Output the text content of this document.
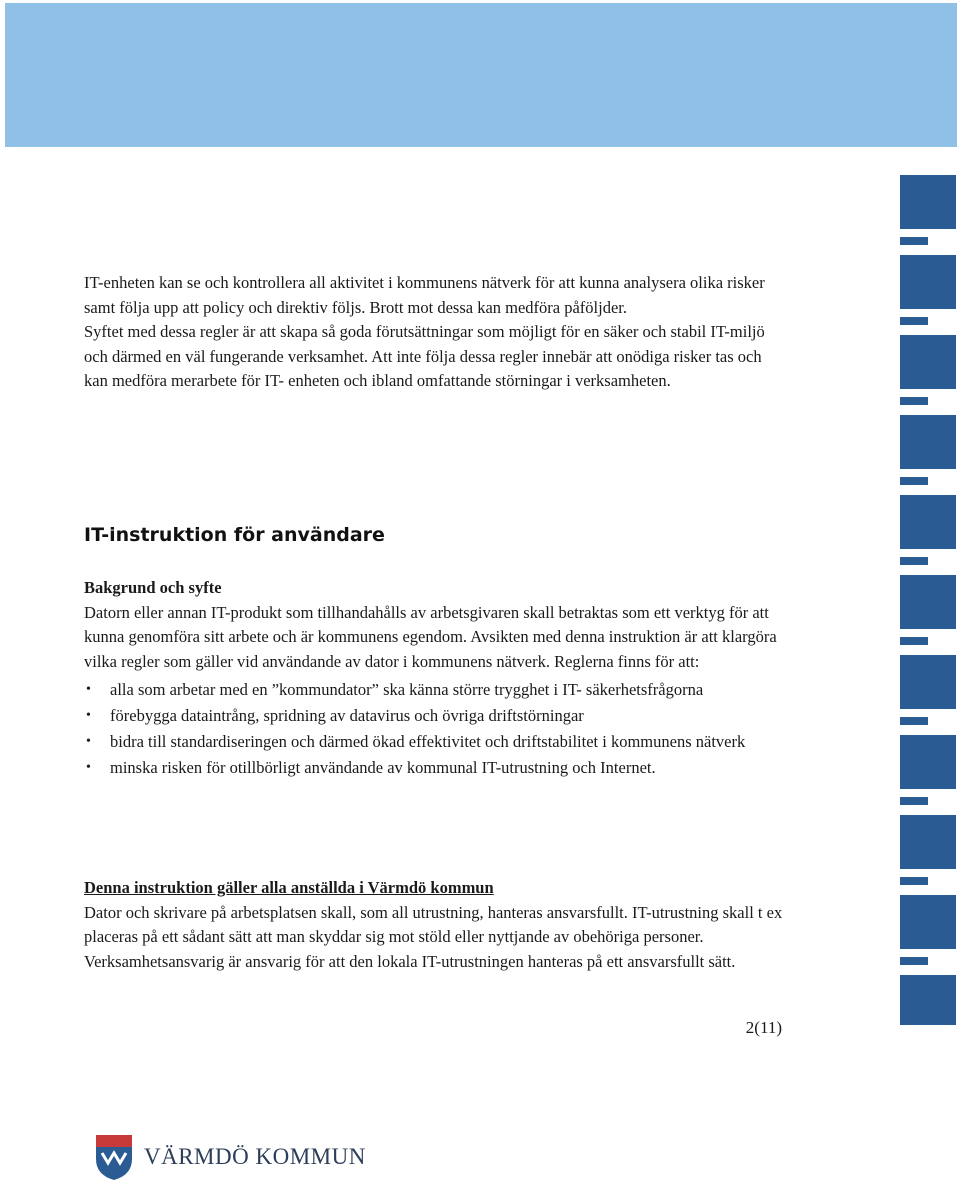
IT-enheten kan se och kontrollera all aktivitet i kommunens nätverk för att kunna analysera olika risker samt följa upp att policy och direktiv följs. Brott mot dessa kan medföra påföljder.

Syftet med dessa regler är att skapa så goda förutsättningar som möjligt för en säker och stabil IT-miljö och därmed en väl fungerande verksamhet. Att inte följa dessa regler innebär att onödiga risker tas och kan medföra merarbete för IT- enheten och ibland omfattande störningar i verksamheten.

IT-instruktion för användare

Bakgrund och syfte

Datorn eller annan IT-produkt som tillhandahålls av arbetsgivaren skall betraktas som ett verktyg för att kunna genomföra sitt arbete och är kommunens egendom. Avsikten med denna instruktion är att klargöra vilka regler som gäller vid användande av dator i kommunens nätverk. Reglerna finns för att:

• alla som arbetar med en ”kommundator” ska känna större trygghet i IT- säkerhetsfrågorna
• förebygga dataintrång, spridning av datavirus och övriga driftstörningar
• bidra till standardiseringen och därmed ökad effektivitet och driftstabilitet i kommunens nätverk
• minska risken för otillbörligt användande av kommunal IT-utrustning och Internet.

Denna instruktion gäller alla anställda i Värmdö kommun

Dator och skrivare på arbetsplatsen skall, som all utrustning, hanteras ansvarsfullt. IT-utrustning skall t ex placeras på ett sådant sätt att man skyddar sig mot stöld eller nyttjande av obehöriga personer. Verksamhetsansvarig är ansvarig för att den lokala IT-utrustningen hanteras på ett ansvarsfullt sätt.

2(11)
VÄRMDÖ KOMMUN
